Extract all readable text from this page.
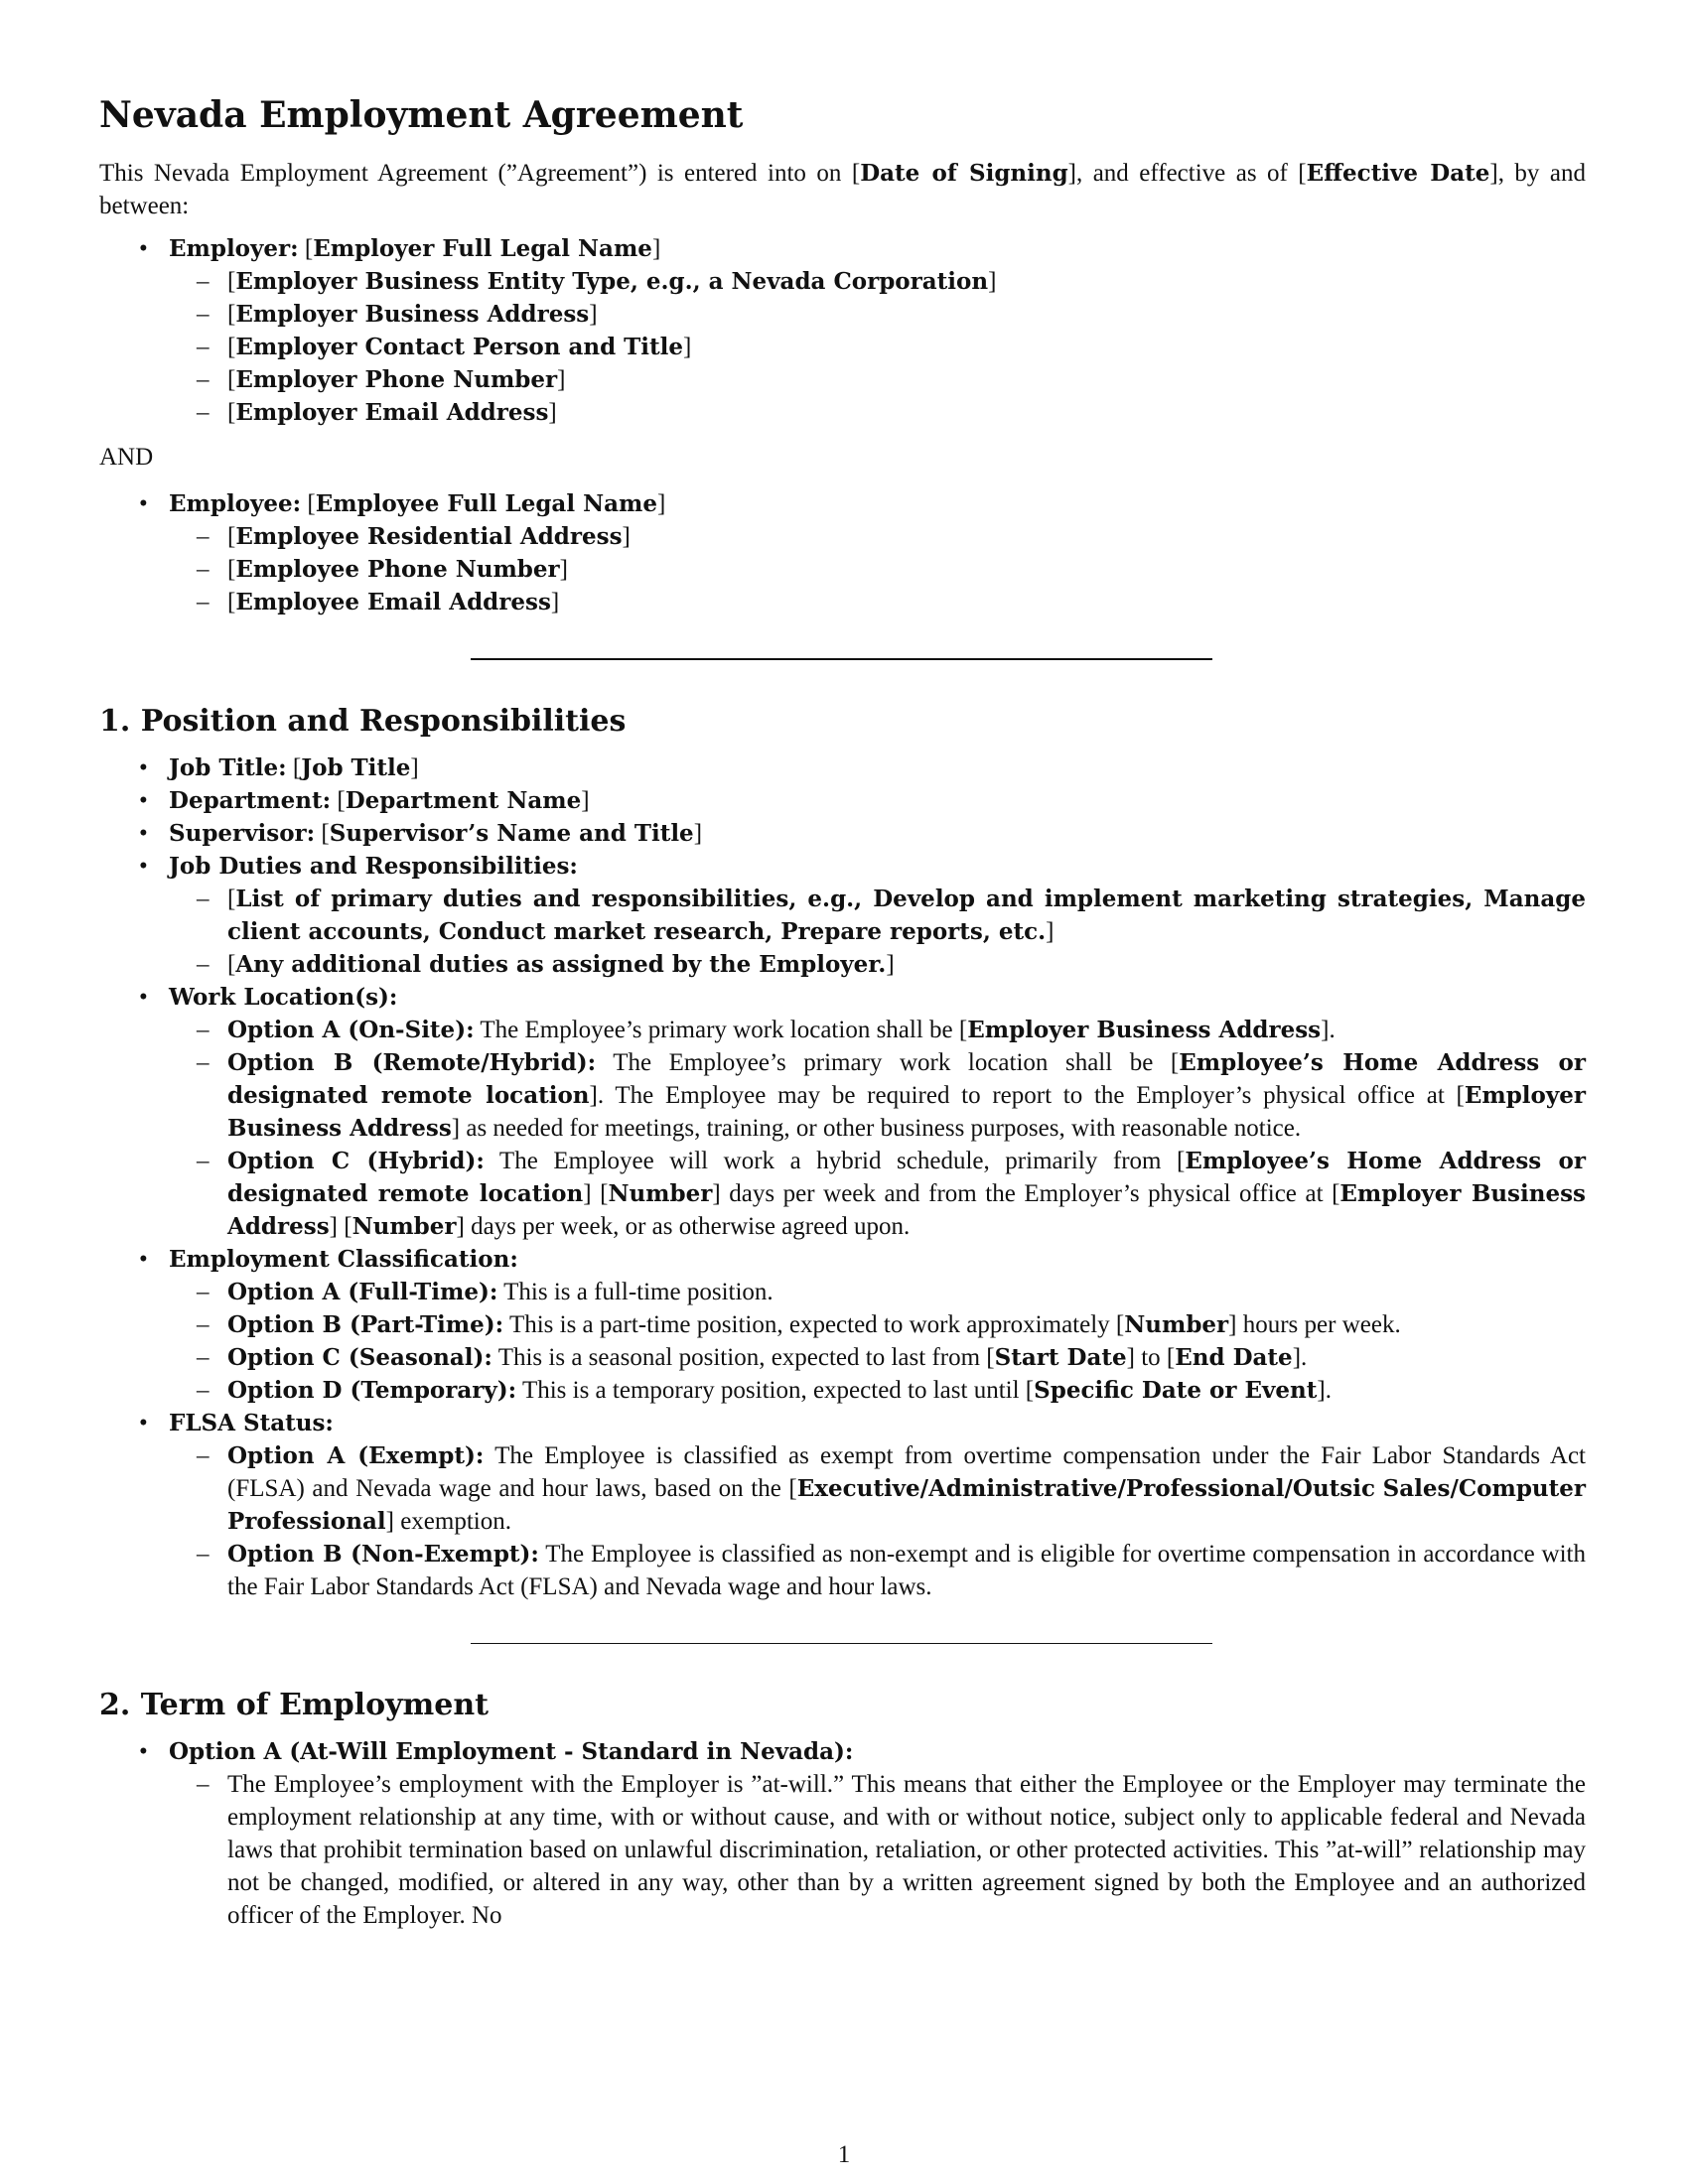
Nevada Employment Agreement

This Nevada Employment Agreement (”Agreement”) is entered into on [Date of Signing], and effective as of [Effective Date], by and between:

• Employer: [Employer Full Legal Name]
– [Employer Business Entity Type, e.g., a Nevada Corporation]
– [Employer Business Address]
– [Employer Contact Person and Title]
– [Employer Phone Number]
– [Employer Email Address]

AND

• Employee: [Employee Full Legal Name]
– [Employee Residential Address]
– [Employee Phone Number]
– [Employee Email Address]
1. Position and Responsibilities
• Job Title: [Job Title]
• Department: [Department Name]
• Supervisor: [Supervisor’s Name and Title]
• Job Duties and Responsibilities:
– [List of primary duties and responsibilities, e.g., Develop and implement marketing strategies, Manage client accounts, Conduct market research, Prepare reports, etc.]
– [Any additional duties as assigned by the Employer.]
• Work Location(s):
– Option A (On-Site): The Employee’s primary work location shall be [Employer Business Address].
– Option B (Remote/Hybrid): The Employee’s primary work location shall be [Employee’s Home Address or designated remote location]. The Employee may be required to report to the Employer’s physical office at [Employer Business Address] as needed for meetings, training, or other business purposes, with reasonable notice.
– Option C (Hybrid): The Employee will work a hybrid schedule, primarily from [Employee’s Home Address or designated remote location] [Number] days per week and from the Employer’s physical office at [Employer Business Address] [Number] days per week, or as otherwise agreed upon.
• Employment Classification:
– Option A (Full-Time): This is a full-time position.
– Option B (Part-Time): This is a part-time position, expected to work approximately [Number] hours per week.
– Option C (Seasonal): This is a seasonal position, expected to last from [Start Date] to [End Date].
– Option D (Temporary): This is a temporary position, expected to last until [Specific Date or Event].
• FLSA Status:
– Option A (Exempt): The Employee is classified as exempt from overtime compensation under the Fair Labor Standards Act (FLSA) and Nevada wage and hour laws, based on the [Executive/Administrative/Professional/Outsic Sales/Computer Professional] exemption.
– Option B (Non-Exempt): The Employee is classified as non-exempt and is eligible for overtime compensation in accordance with the Fair Labor Standards Act (FLSA) and Nevada wage and hour laws.
2. Term of Employment
• Option A (At-Will Employment - Standard in Nevada):
– The Employee’s employment with the Employer is ”at-will.” This means that either the Employee or the Employer may terminate the employment relationship at any time, with or without cause, and with or without notice, subject only to applicable federal and Nevada laws that prohibit termination based on unlawful discrimination, retaliation, or other protected activities. This ”at-will” relationship may not be changed, modified, or altered in any way, other than by a written agreement signed by both the Employee and an authorized officer of the Employer. No
1
